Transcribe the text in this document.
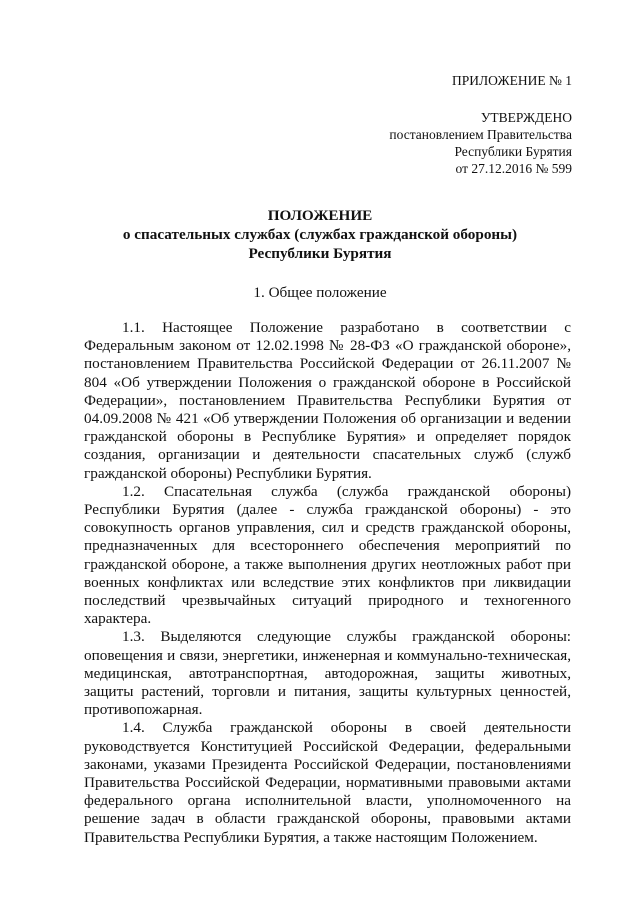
ПРИЛОЖЕНИЕ № 1
УТВЕРЖДЕНО
постановлением Правительства
Республики Бурятия
от 27.12.2016 № 599
ПОЛОЖЕНИЕ
о спасательных службах (службах гражданской обороны)
Республики Бурятия
1. Общее положение

1.1. Настоящее Положение разработано в соответствии с Федеральным законом от 12.02.1998 № 28-ФЗ «О гражданской обороне», постановлением Правительства Российской Федерации от 26.11.2007 № 804 «Об утверждении Положения о гражданской обороне в Российской Федерации», постановлением Правительства Республики Бурятия от 04.09.2008 № 421 «Об утверждении Положения об организации и ведении гражданской обороны в Республике Бурятия» и определяет порядок создания, организации и деятельности спасательных служб (служб гражданской обороны) Республики Бурятия.

1.2. Спасательная служба (служба гражданской обороны) Республики Бурятия (далее - служба гражданской обороны) - это совокупность органов управления, сил и средств гражданской обороны, предназначенных для всестороннего обеспечения мероприятий по гражданской обороне, а также выполнения других неотложных работ при военных конфликтах или вследствие этих конфликтов при ликвидации последствий чрезвычайных ситуаций природного и техногенного характера.

1.3. Выделяются следующие службы гражданской обороны: оповещения и связи, энергетики, инженерная и коммунально-техническая, медицинская, автотранспортная, автодорожная, защиты животных, защиты растений, торговли и питания, защиты культурных ценностей, противопожарная.

1.4. Служба гражданской обороны в своей деятельности руководствуется Конституцией Российской Федерации, федеральными законами, указами Президента Российской Федерации, постановлениями Правительства Российской Федерации, нормативными правовыми актами федерального органа исполнительной власти, уполномоченного на решение задач в области гражданской обороны, правовыми актами Правительства Республики Бурятия, а также настоящим Положением.
